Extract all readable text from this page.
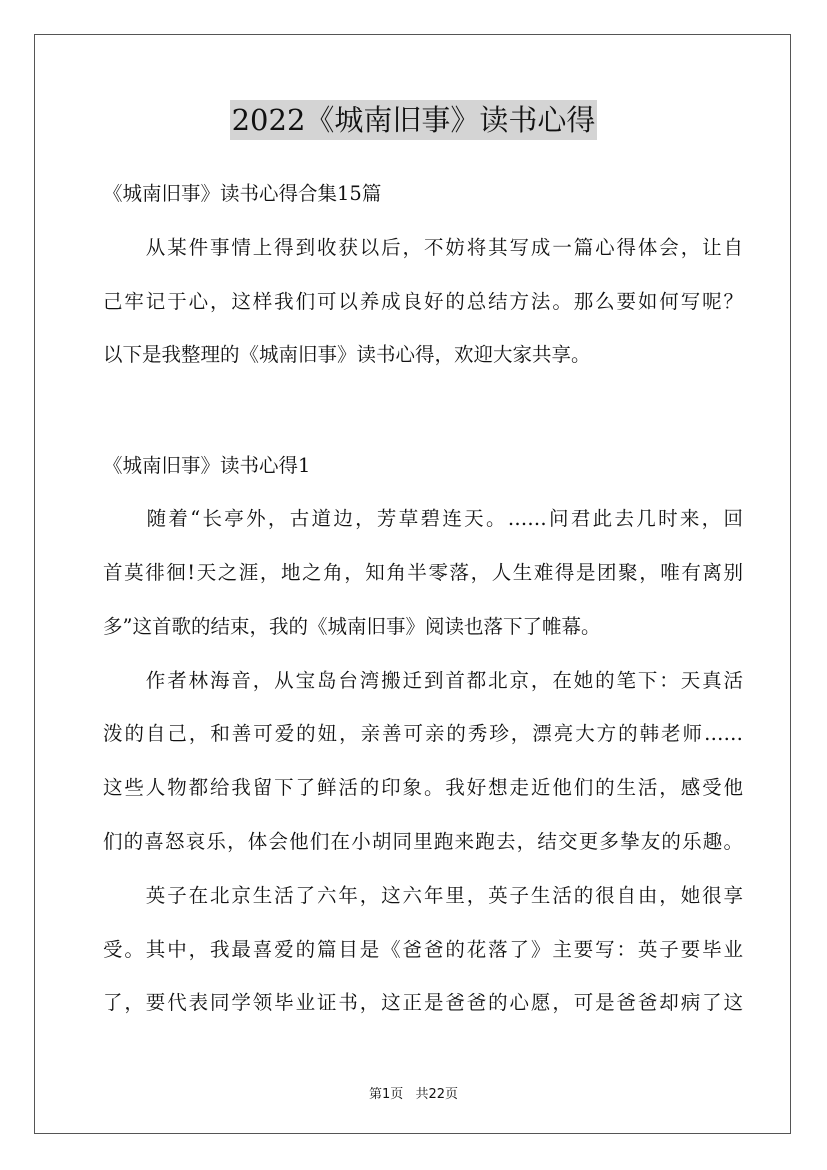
2022《城南旧事》读书心得
《城南旧事》读书心得合集15篇
　　从某件事情上得到收获以后，不妨将其写成一篇心得体会，让自
己牢记于心，这样我们可以养成良好的总结方法。那么要如何写呢？
以下是我整理的《城南旧事》读书心得，欢迎大家共享。
《城南旧事》读书心得1
　　随着“长亭外，古道边，芳草碧连天。……问君此去几时来，回
首莫徘徊!天之涯，地之角，知角半零落，人生难得是团聚，唯有离别
多”这首歌的结束，我的《城南旧事》阅读也落下了帷幕。
　　作者林海音，从宝岛台湾搬迁到首都北京，在她的笔下：天真活
泼的自己，和善可爱的妞，亲善可亲的秀珍，漂亮大方的韩老师……
这些人物都给我留下了鲜活的印象。我好想走近他们的生活，感受他
们的喜怒哀乐，体会他们在小胡同里跑来跑去，结交更多挚友的乐趣。
　　英子在北京生活了六年，这六年里，英子生活的很自由，她很享
受。其中，我最喜爱的篇目是《爸爸的花落了》主要写：英子要毕业
了，要代表同学领毕业证书，这正是爸爸的心愿，可是爸爸却病了这
第1页 共22页
